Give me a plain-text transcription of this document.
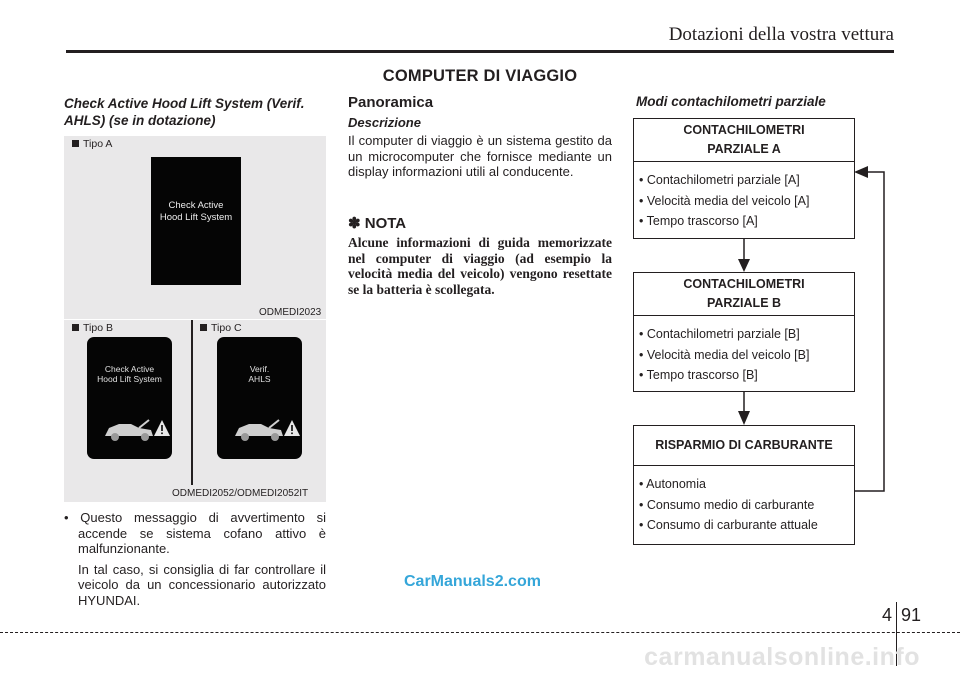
Dotazioni della vostra vettura
COMPUTER DI VIAGGIO
Check Active Hood Lift System (Verif. AHLS) (se in dotazione)
Tipo A
Check Active
Hood Lift System
ODMEDI2023
Tipo B	Tipo C
Check Active
Hood Lift System
Verif.
AHLS
ODMEDI2052/ODMEDI2052IT

• Questo messaggio di avvertimento si accende se sistema cofano attivo è malfunzionante.

In tal caso, si consiglia di far controllare il veicolo da un concessionario autorizzato HYUNDAI.

Panoramica
Descrizione
Il computer di viaggio è un sistema gestito da un microcomputer che fornisce mediante un display informazioni utili al conducente.
✽ NOTA
Alcune informazioni di guida memorizzate nel computer di viaggio (ad esempio la velocità media del veicolo) vengono resettate se la batteria è scollegata.
Modi contachilometri parziale
CONTACHILOMETRI
PARZIALE A
• Contachilometri parziale [A]
• Velocità media del veicolo [A]
• Tempo trascorso [A]
CONTACHILOMETRI
PARZIALE B
• Contachilometri parziale [B]
• Velocità media del veicolo [B]
• Tempo trascorso [B]
RISPARMIO DI CARBURANTE
• Autonomia
• Consumo medio di carburante
• Consumo di carburante attuale
CarManuals2.com
4 91
carmanualsonline.info
